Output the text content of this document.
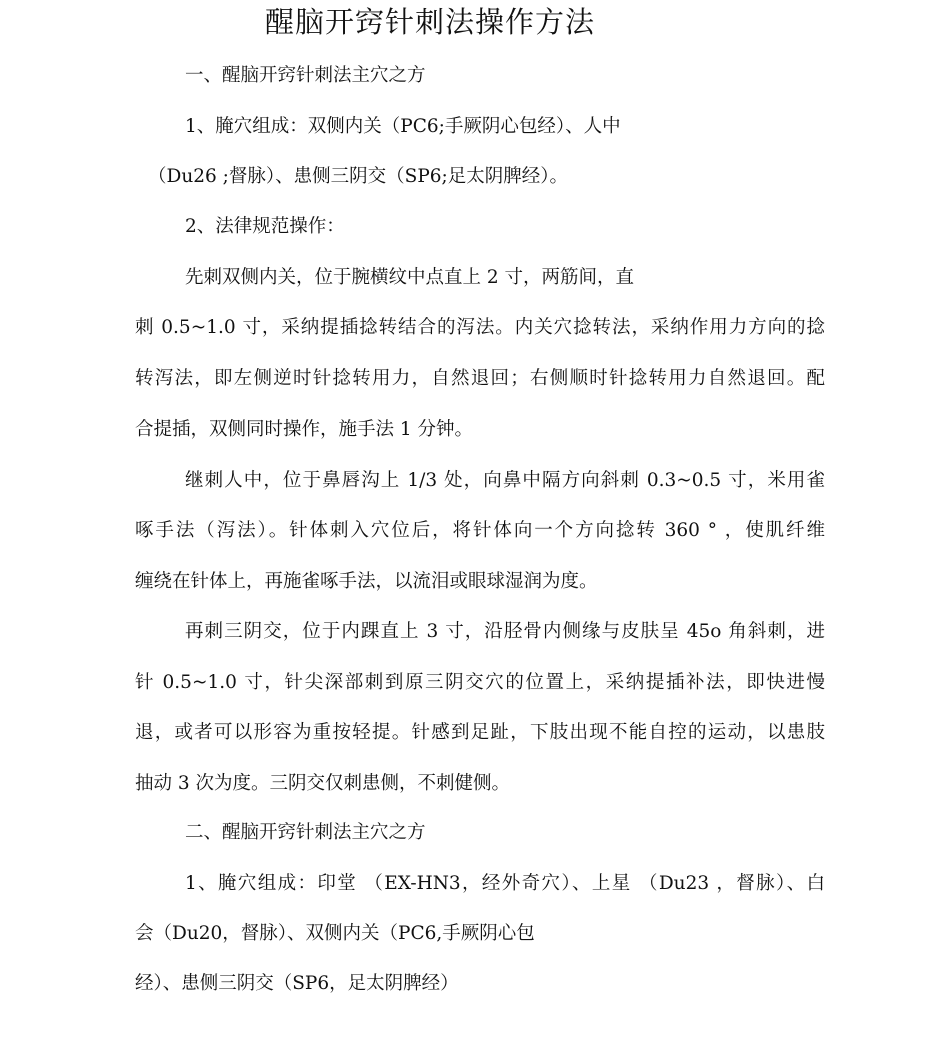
醒脑开窍针刺法操作方法
一、醒脑开窍针刺法主穴之方
1、腌穴组成：双侧内关（PC6;手厥阴心包经）、人中
（Du26 ;督脉）、患侧三阴交（SP6;足太阴脾经）。
2、法律规范操作：
先刺双侧内关，位于腕横纹中点直上 2 寸，两筋间，直
刺 0.5~1.0 寸，采纳提插捻转结合的泻法。内关穴捻转法，采纳作用力方向的捻
转泻法，即左侧逆时针捻转用力，自然退回；右侧顺时针捻转用力自然退回。配
合提插，双侧同时操作，施手法 1 分钟。
继刺人中，位于鼻唇沟上 1/3 处，向鼻中隔方向斜刺 0.3~0.5 寸，米用雀
啄手法（泻法）。针体刺入穴位后，将针体向一个方向捻转 360 ° ，使肌纤维
缠绕在针体上，再施雀啄手法，以流泪或眼球湿润为度。
再刺三阴交，位于内踝直上 3 寸，沿胫骨内侧缘与皮肤呈 45o 角斜刺，进
针 0.5~1.0 寸，针尖深部刺到原三阴交穴的位置上，采纳提插补法，即快进慢
退，或者可以形容为重按轻提。针感到足趾，下肢出现不能自控的运动，以患肢
抽动 3 次为度。三阴交仅刺患侧，不刺健侧。
二、醒脑开窍针刺法主穴之方
1、腌穴组成：印堂 （EX-HN3，经外奇穴）、上星 （Du23 ，督脉）、白
会（Du20，督脉）、双侧内关（PC6,手厥阴心包
经）、患侧三阴交（SP6，足太阴脾经）
